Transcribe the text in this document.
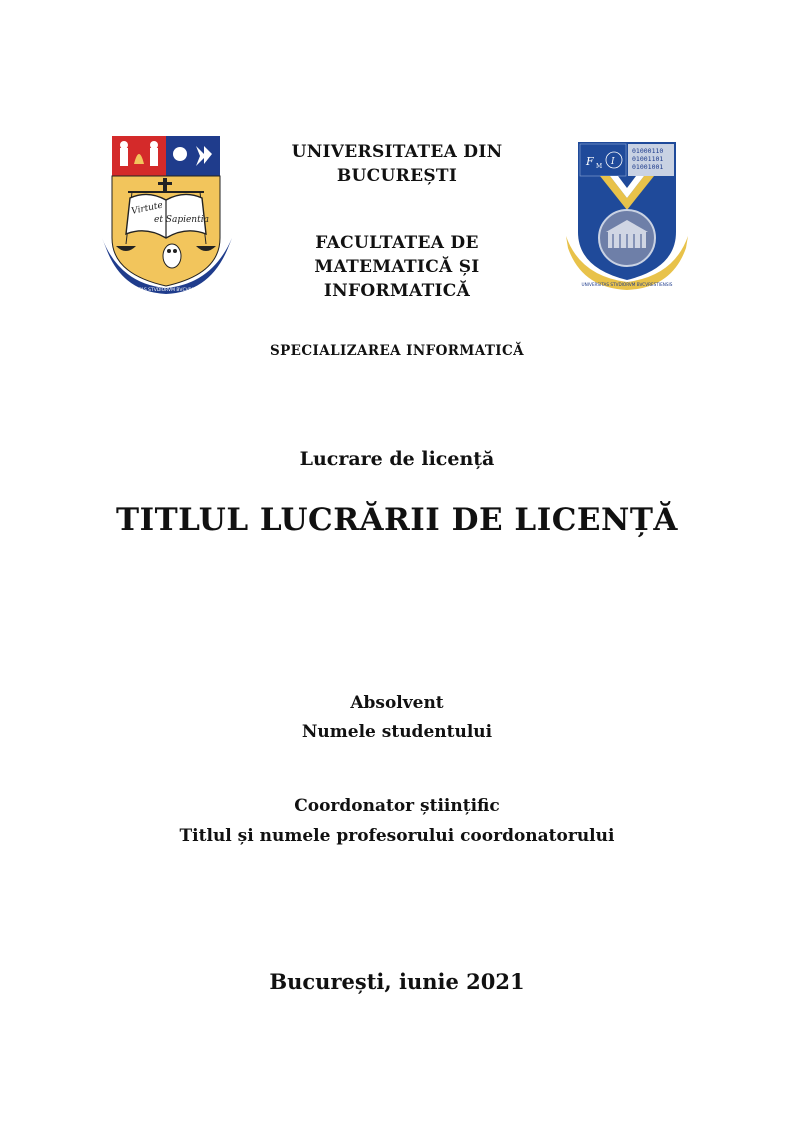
Virtute
et Sapientia
UNIVERSITAS STVDIORVM BVCVRESTIENSIS
UNIVERSITATEA DIN
BUCUREȘTI
FACULTATEA DE
MATEMATICĂ ȘI
INFORMATICĂ
F M I
01000110
01001101
01001001
UNIVERSITAS STVDIORVM BVCVRESTIENSIS
SPECIALIZAREA INFORMATICĂ
Lucrare de licență
TITLUL LUCRĂRII DE LICENȚĂ
Absolvent
Numele studentului
Coordonator științific
Titlul și numele profesorului coordonatorului
București, iunie 2021
